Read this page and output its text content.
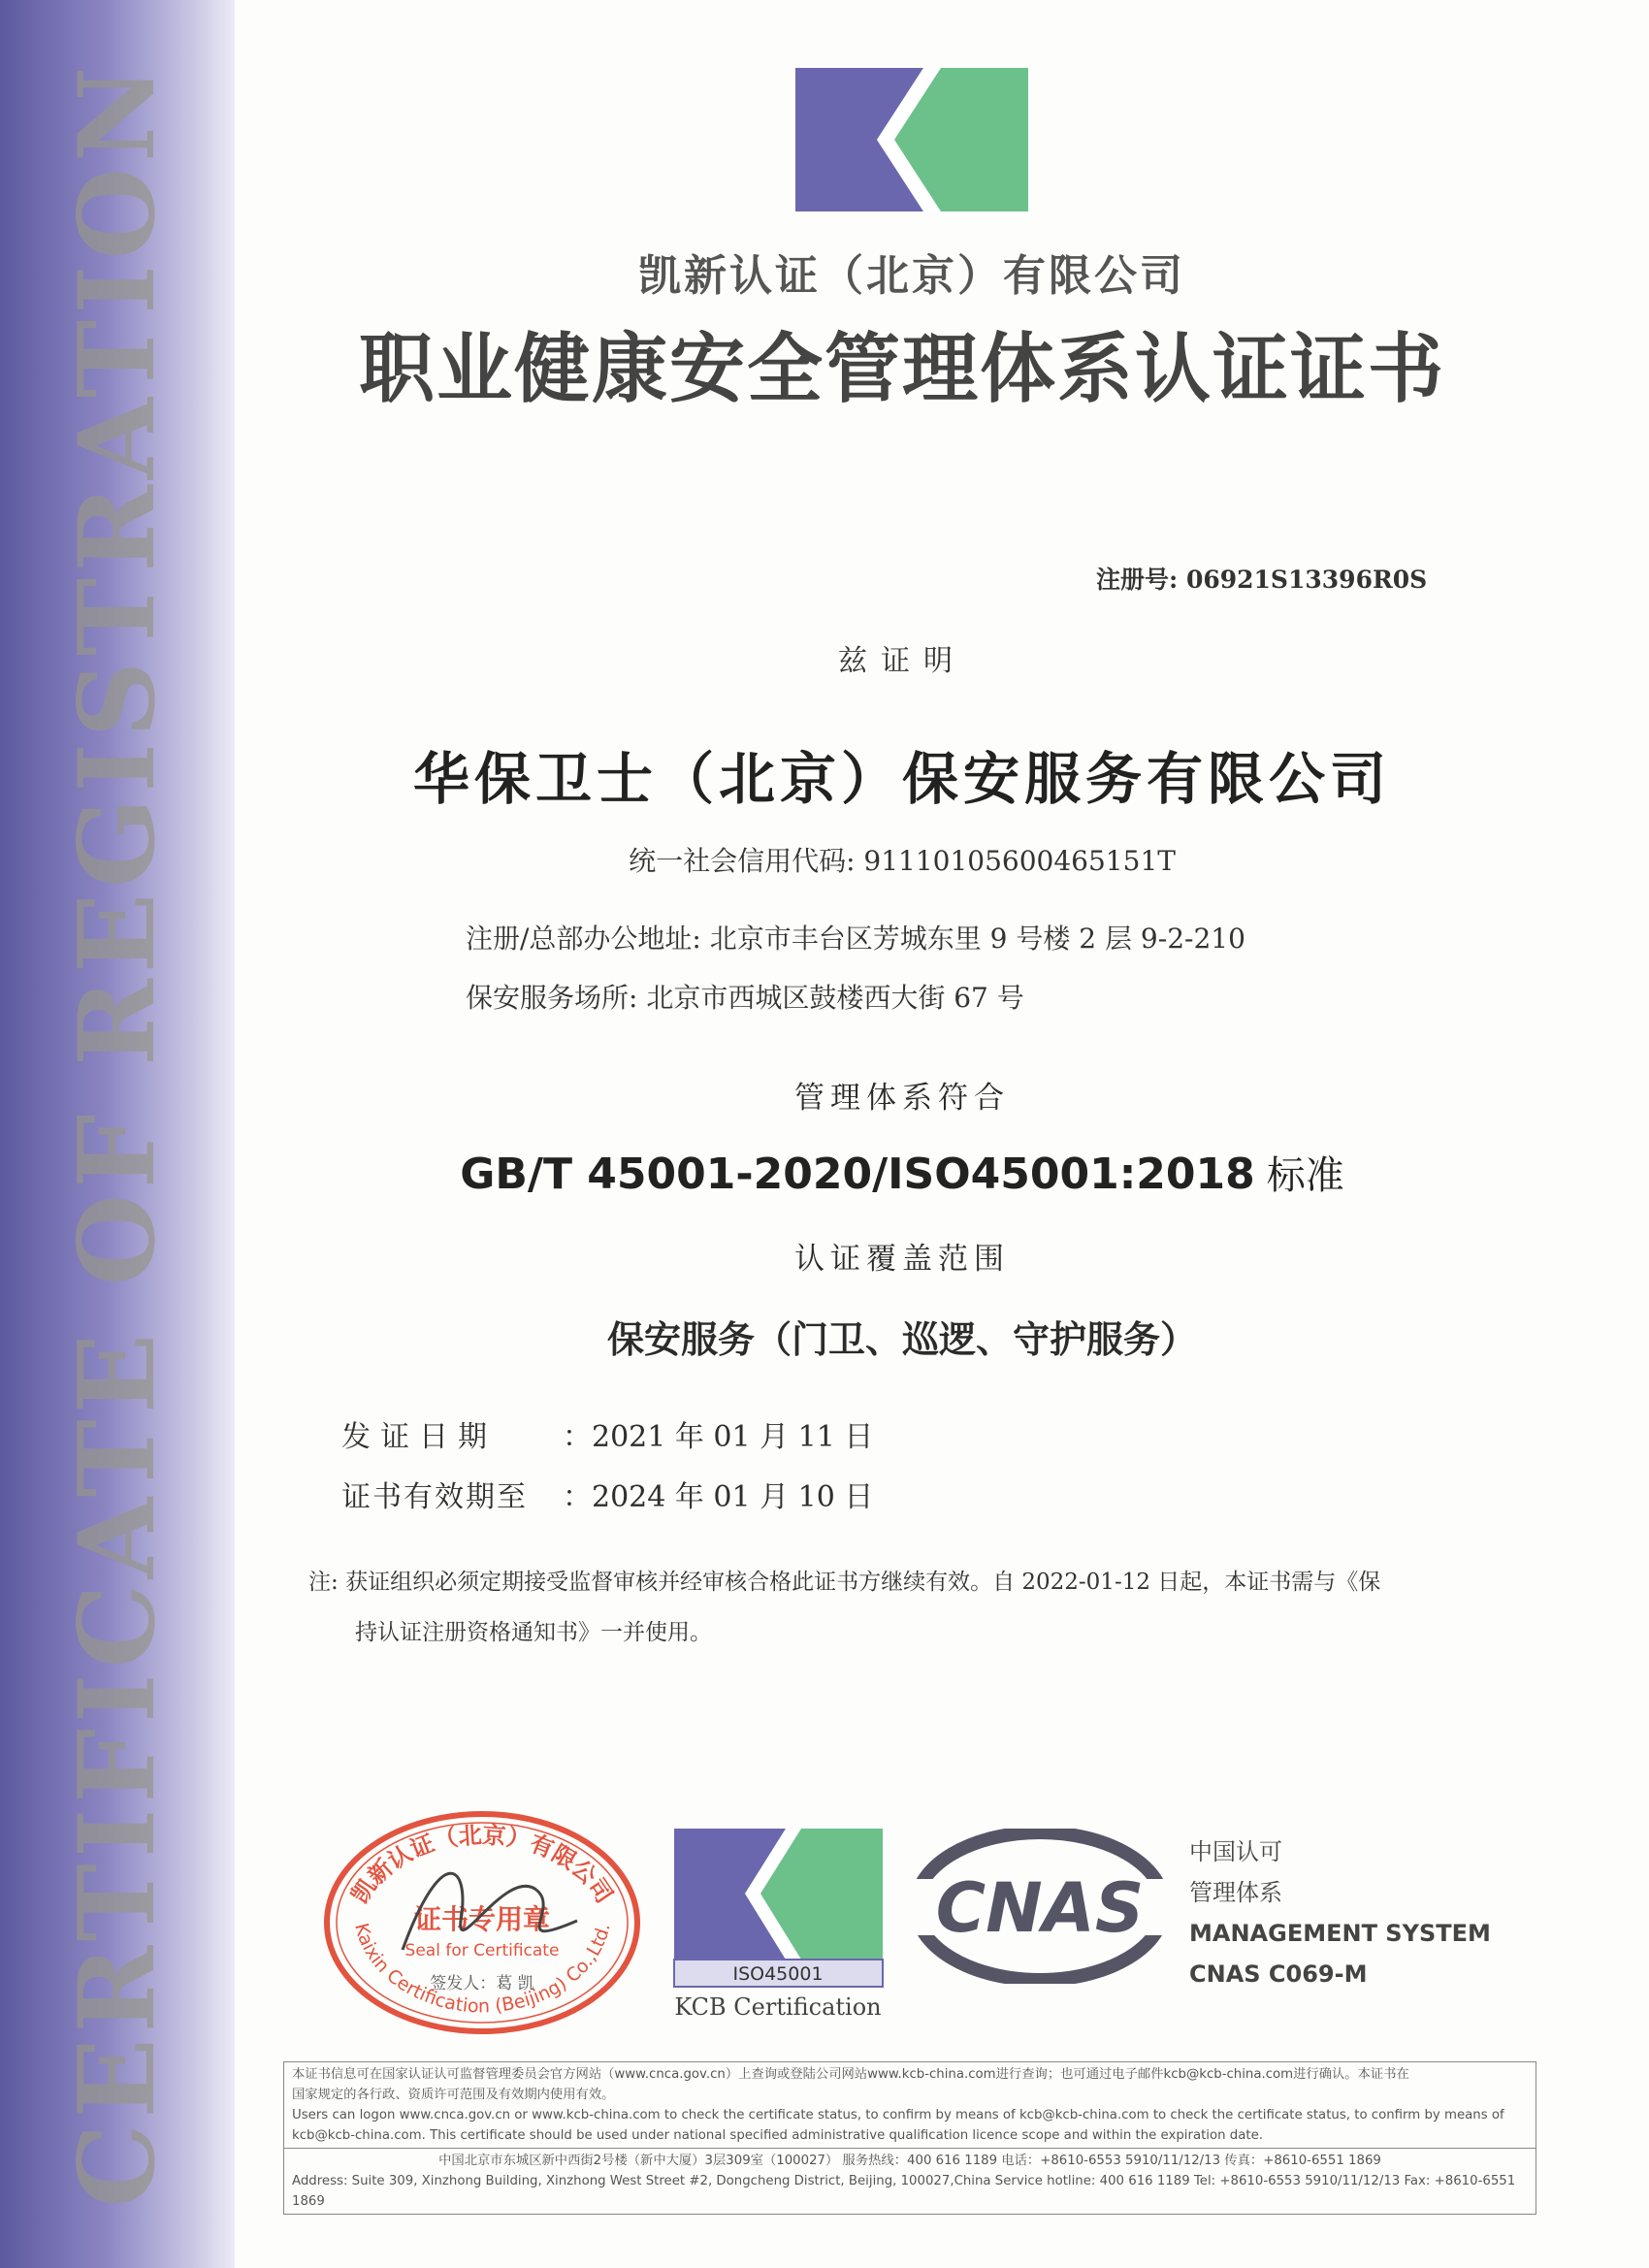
CERTIFICATE OF REGISTRATION	凯新认证（北京）有限公司
职业健康安全管理体系认证证书
注册号: 06921S13396R0S
兹证明
华保卫士（北京）保安服务有限公司
统一社会信用代码: 91110105600465151T
注册/总部办公地址: 北京市丰台区芳城东里 9 号楼 2 层 9-2-210
保安服务场所: 北京市西城区鼓楼西大街 67 号
管理体系符合
GB/T 45001-2020/ISO45001:2018 标准
认证覆盖范围
保安服务（门卫、巡逻、守护服务）
发证日期 ：2021 年 01 月 11 日
证书有效期至 ：2024 年 01 月 10 日
注: 获证组织必须定期接受监督审核并经审核合格此证书方继续有效。自 2022-01-12 日起，本证书需与《保
持认证注册资格通知书》一并使用。
凯新认证（北京）有限公司
证书专用章
Seal for Certificate
Kaixin Certification (Beijing) Co.,Ltd.
签发人：葛 凯	ISO45001
KCB Certification
CNAS
中国认可
管理体系
MANAGEMENT SYSTEM
CNAS C069-M
本证书信息可在国家认证认可监督管理委员会官方网站（www.cnca.gov.cn）上查询或登陆公司网站www.kcb-china.com进行查询；也可通过电子邮件kcb@kcb-china.com进行确认。本证书在
国家规定的各行政、资质许可范围及有效期内使用有效。
Users can logon www.cnca.gov.cn or www.kcb-china.com to check the certificate status, to confirm by means of kcb@kcb-china.com to check the certificate status, to confirm by means of
kcb@kcb-china.com. This certificate should be used under national specified administrative qualification licence scope and within the expiration date.
中国北京市东城区新中西街2号楼（新中大厦）3层309室（100027） 服务热线：400 616 1189 电话：+8610-6553 5910/11/12/13 传真：+8610-6551 1869
Address: Suite 309, Xinzhong Building, Xinzhong West Street #2, Dongcheng District, Beijing, 100027,China Service hotline: 400 616 1189 Tel: +8610-6553 5910/11/12/13 Fax: +8610-6551 1869
